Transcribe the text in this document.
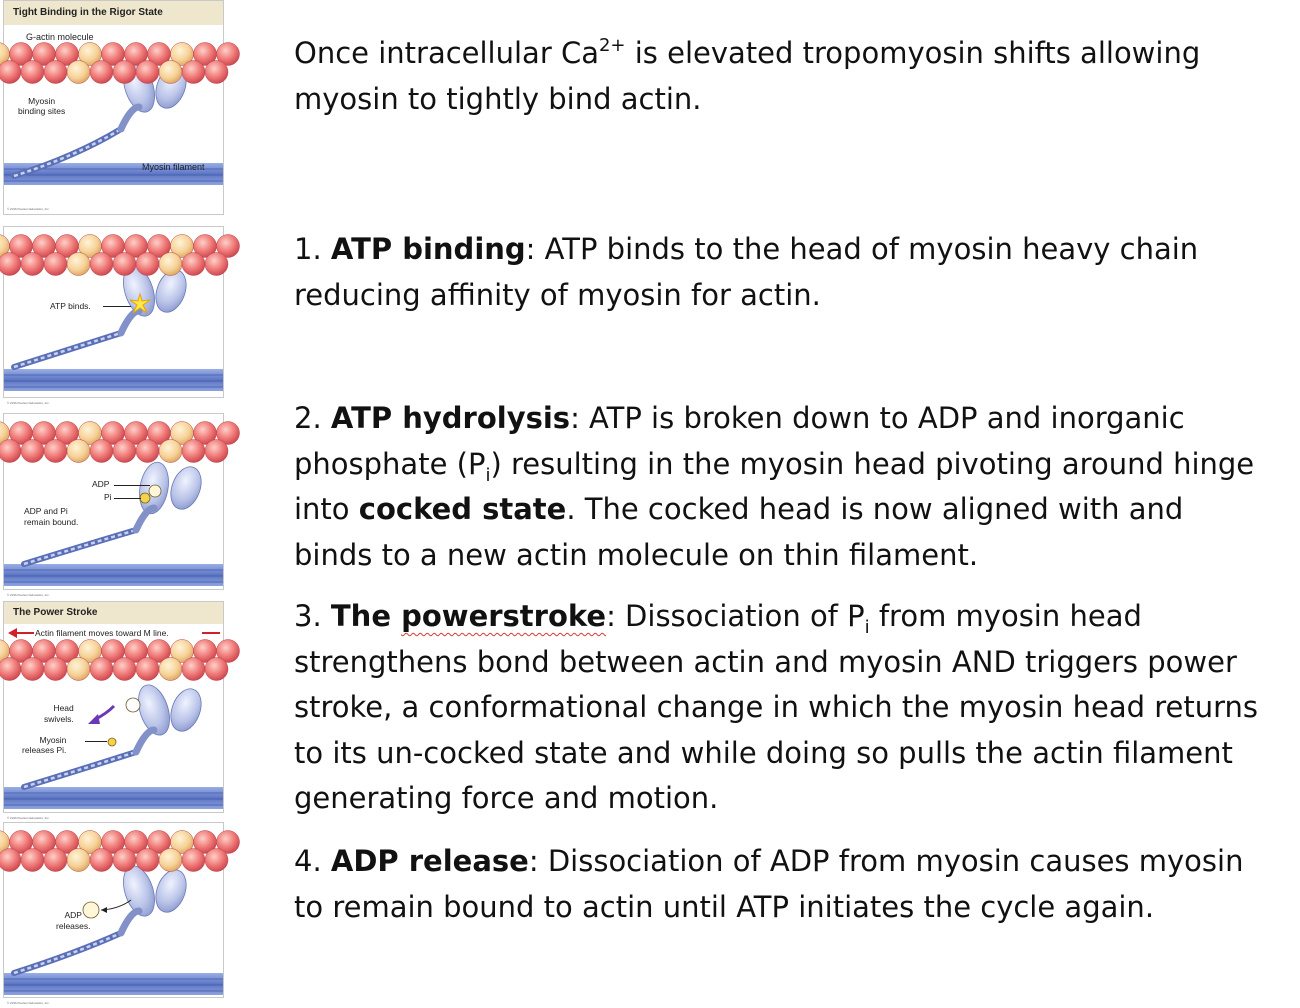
Tight Binding in the Rigor State
G-actin molecule
Myosin
binding sites
Myosin filament
© 2016 Pearson Education, Inc.
ATP binds.
© 2016 Pearson Education, Inc.
ADP
Pi
ADP and Pi
remain bound.
© 2016 Pearson Education, Inc.
The Power Stroke
Actin filament moves toward M line.
Head
swivels.
Myosin
releases Pi.
© 2016 Pearson Education, Inc.
ADP
releases.
© 2016 Pearson Education, Inc.

Once intracellular $Ca^{2+}$ is elevated tropomyosin shifts allowing myosin to tightly bind actin.

1. ATP binding: ATP binds to the head of myosin heavy chain reducing affinity of myosin for actin.

2. ATP hydrolysis: ATP is broken down to ADP and inorganic phosphate $(P_i)$ resulting in the myosin head pivoting around hinge into cocked state. The cocked head is now aligned with and binds to a new actin molecule on thin filament.

3. The powerstroke: Dissociation of $P_i$ from myosin head strengthens bond between actin and myosin AND triggers power stroke, a conformational change in which the myosin head returns to its un-cocked state and while doing so pulls the actin filament generating force and motion.

4. ADP release: Dissociation of ADP from myosin causes myosin to remain bound to actin until ATP initiates the cycle again.
